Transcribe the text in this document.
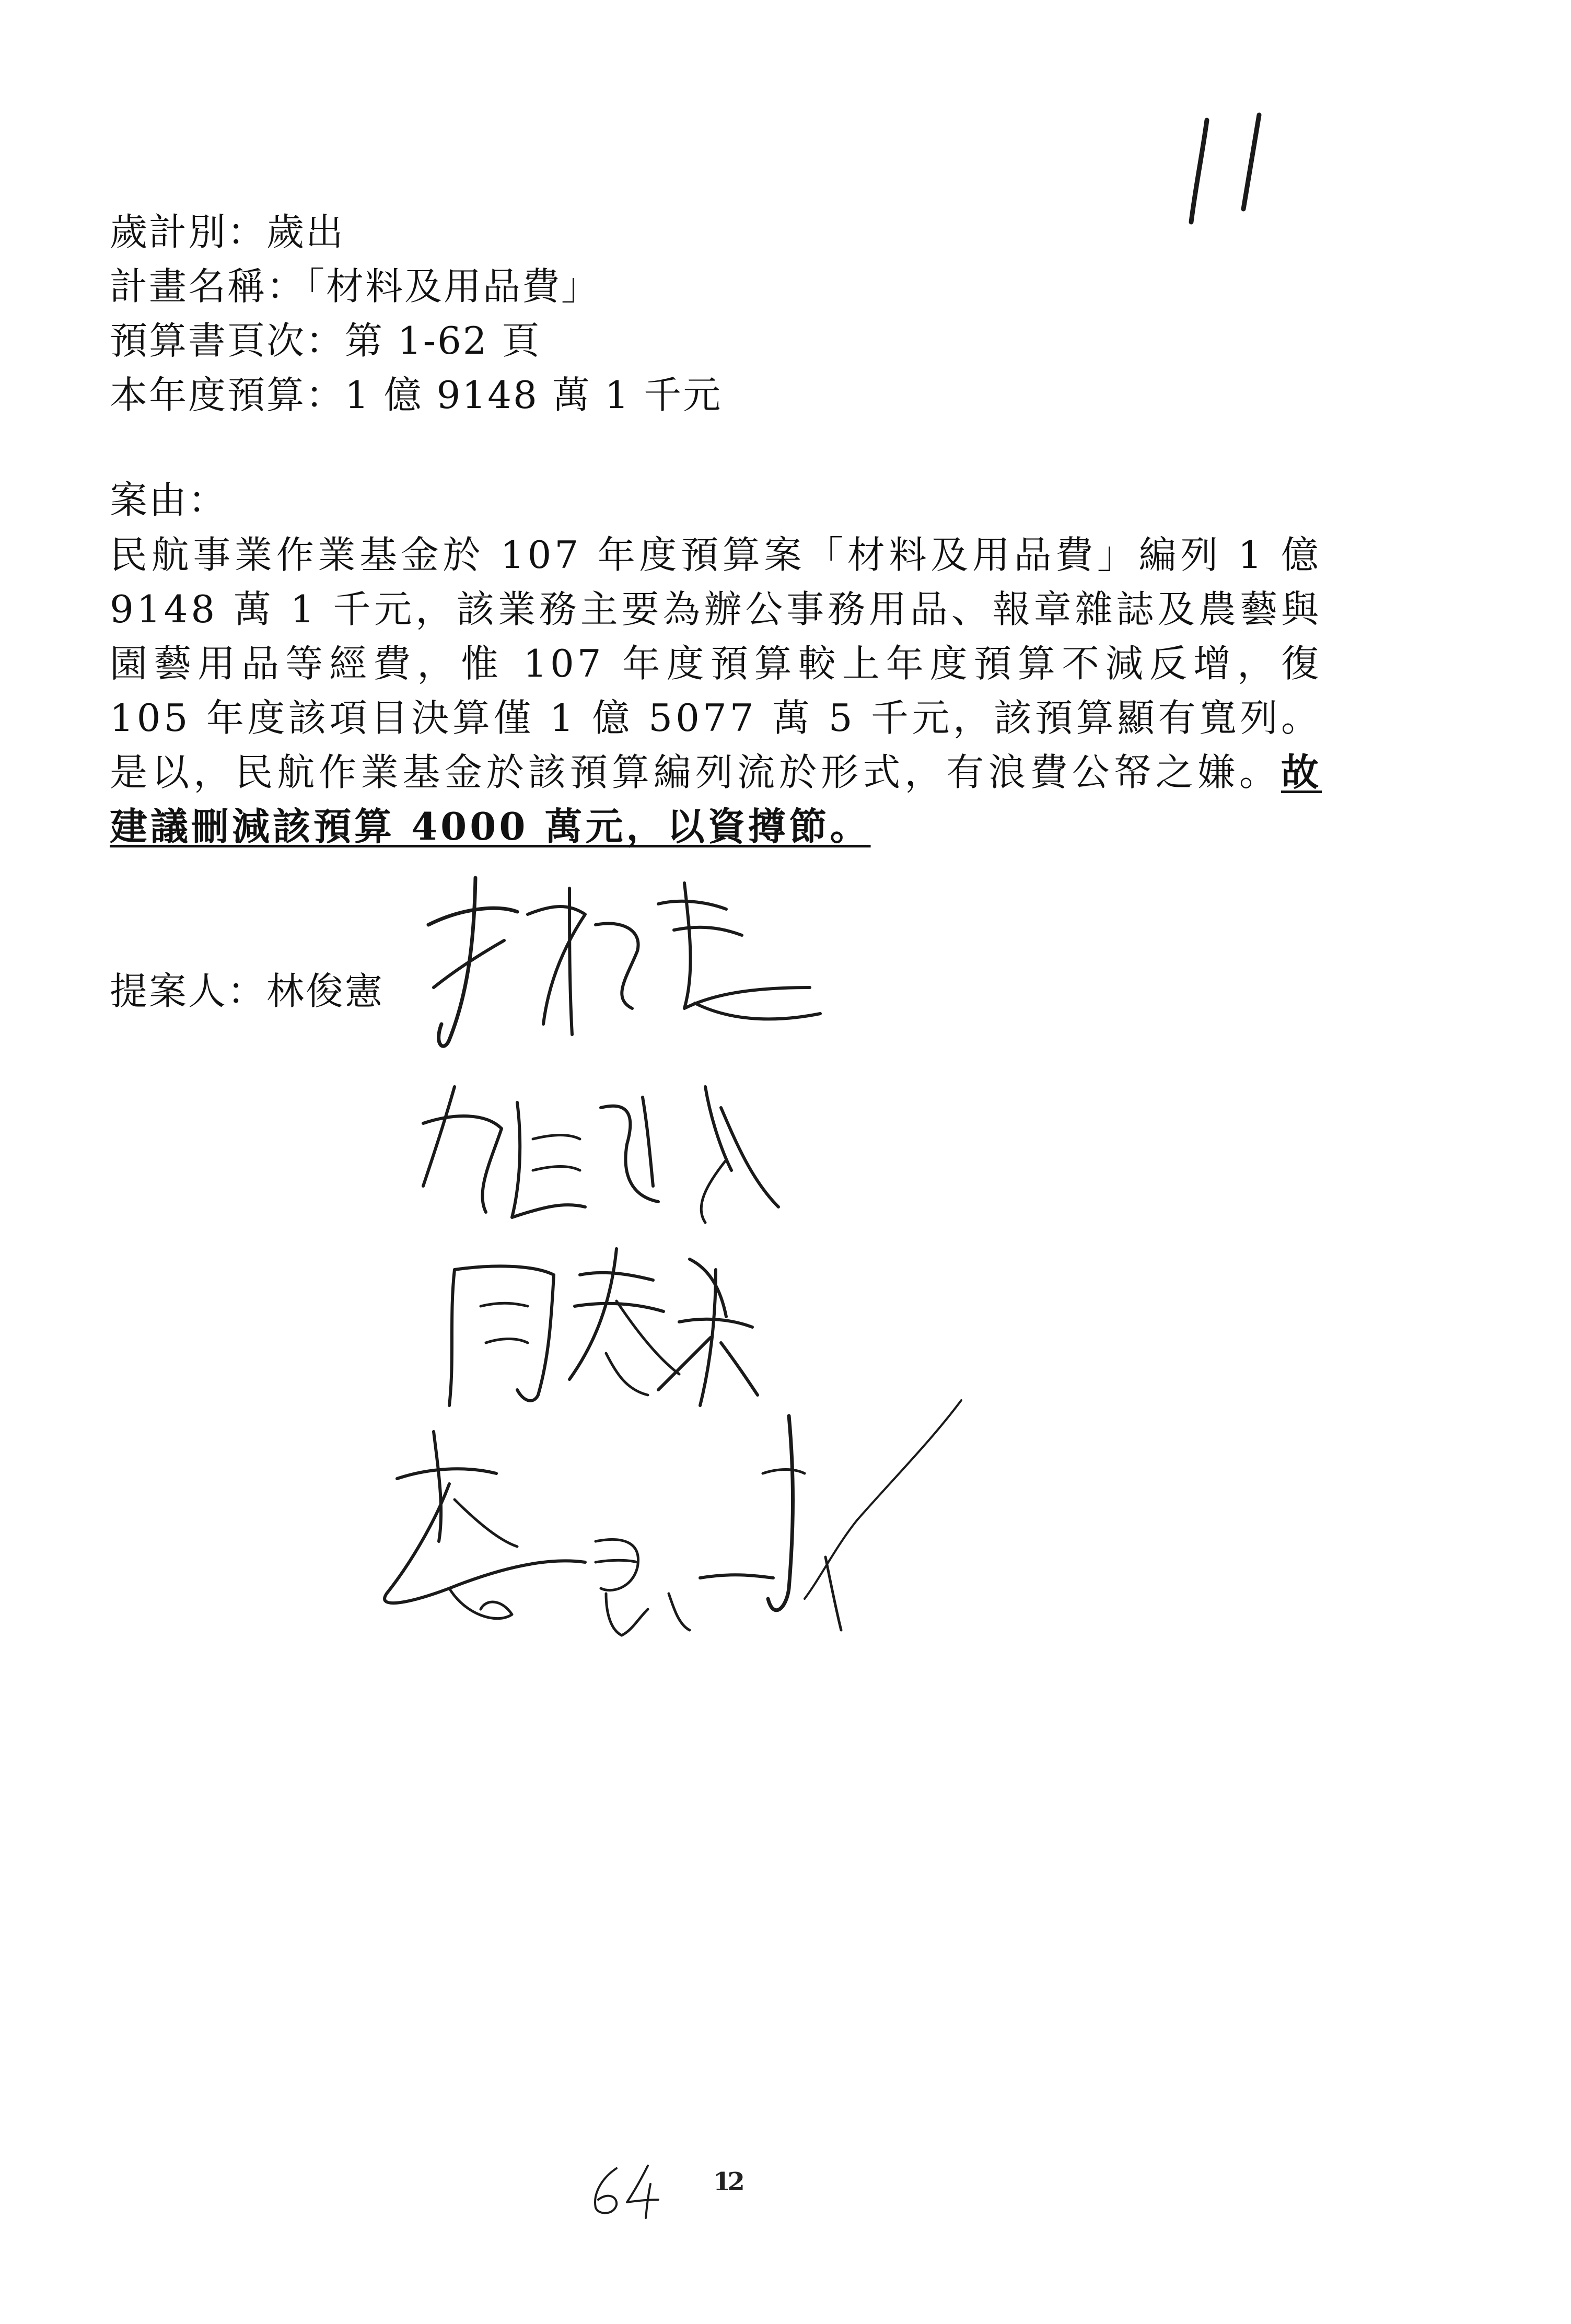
歲計別：歲出
計畫名稱：「材料及用品費」
預算書頁次：第 1-62 頁
本年度預算：1 億 9148 萬 1 千元
案由：
民航事業作業基金於 107 年度預算案「材料及用品費」編列 1 億 9148 萬 1 千元，該業務主要為辦公事務用品、報章雜誌及農藝與園藝用品等經費，惟 107 年度預算較上年度預算不減反增，復 105 年度該項目決算僅 1 億 5077 萬 5 千元，該預算顯有寬列。是以，民航作業基金於該預算編列流於形式，有浪費公帑之嫌。故建議刪減該預算 4000 萬元，以資撙節。
提案人：林俊憲
12
